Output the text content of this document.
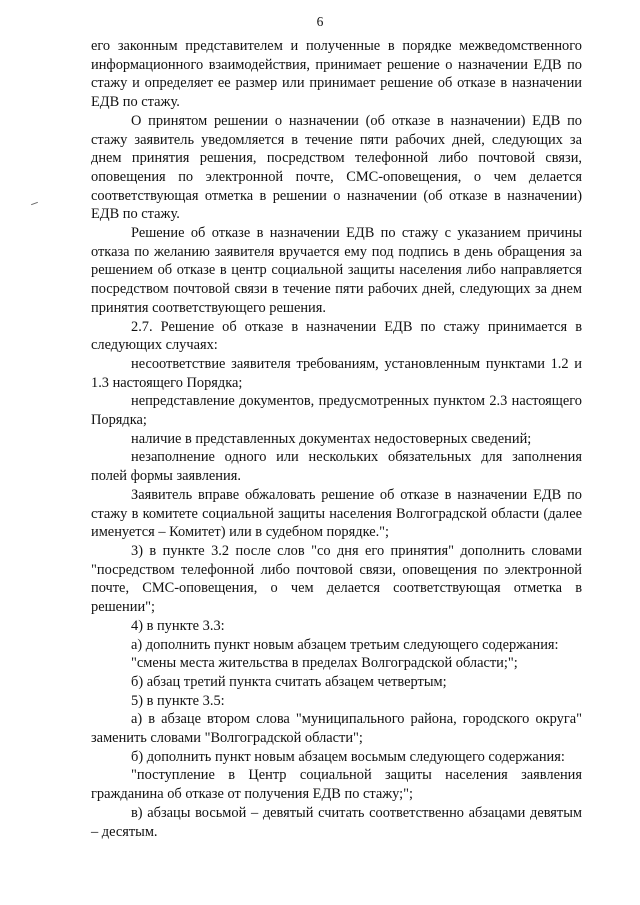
6

его законным представителем и полученные в порядке межведомственного информационного взаимодействия, принимает решение о назначении ЕДВ по стажу и определяет ее размер или принимает решение об отказе в назначении ЕДВ по стажу.

О принятом решении о назначении (об отказе в назначении) ЕДВ по стажу заявитель уведомляется в течение пяти рабочих дней, следующих за днем принятия решения, посредством телефонной либо почтовой связи, оповещения по электронной почте, СМС-оповещения, о чем делается соответствующая отметка в решении о назначении (об отказе в назначении) ЕДВ по стажу.

Решение об отказе в назначении ЕДВ по стажу с указанием причины отказа по желанию заявителя вручается ему под подпись в день обращения за решением об отказе в центр социальной защиты населения либо направляется посредством почтовой связи в течение пяти рабочих дней, следующих за днем принятия соответствующего решения.

2.7. Решение об отказе в назначении ЕДВ по стажу принимается в следующих случаях:

несоответствие заявителя требованиям, установленным пунктами 1.2 и 1.3 настоящего Порядка;

непредставление документов, предусмотренных пунктом 2.3 настоящего Порядка;

наличие в представленных документах недостоверных сведений;

незаполнение одного или нескольких обязательных для заполнения полей формы заявления.

Заявитель вправе обжаловать решение об отказе в назначении ЕДВ по стажу в комитете социальной защиты населения Волгоградской области (далее именуется – Комитет) или в судебном порядке.";

3) в пункте 3.2 после слов "со дня его принятия" дополнить словами "посредством телефонной либо почтовой связи, оповещения по электронной почте, СМС-оповещения, о чем делается соответствующая отметка в решении";

4) в пункте 3.3:

а) дополнить пункт новым абзацем третьим следующего содержания:

"смены места жительства в пределах Волгоградской области;";

б) абзац третий пункта считать абзацем четвертым;

5) в пункте 3.5:

а) в абзаце втором слова "муниципального района, городского округа" заменить словами "Волгоградской области";

б) дополнить пункт новым абзацем восьмым следующего содержания:

"поступление в Центр социальной защиты населения заявления гражданина об отказе от получения ЕДВ по стажу;";

в) абзацы восьмой – девятый считать соответственно абзацами девятым – десятым.
